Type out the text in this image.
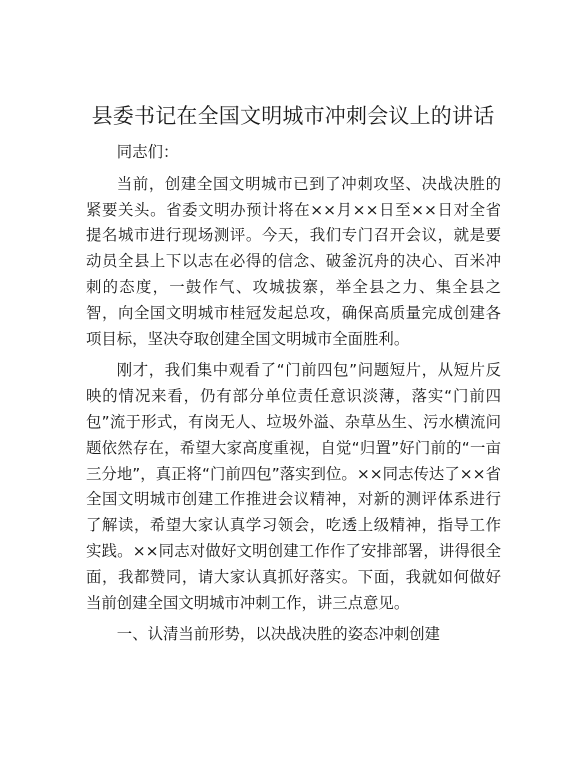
县委书记在全国文明城市冲刺会议上的讲话

同志们：

当前，创建全国文明城市已到了冲刺攻坚、决战决胜的紧要关头。省委文明办预计将在××月××日至××日对全省提名城市进行现场测评。今天，我们专门召开会议，就是要动员全县上下以志在必得的信念、破釜沉舟的决心、百米冲刺的态度，一鼓作气、攻城拔寨，举全县之力、集全县之智，向全国文明城市桂冠发起总攻，确保高质量完成创建各项目标，坚决夺取创建全国文明城市全面胜利。

刚才，我们集中观看了“门前四包”问题短片，从短片反映的情况来看，仍有部分单位责任意识淡薄，落实“门前四包”流于形式，有岗无人、垃圾外溢、杂草丛生、污水横流问题依然存在，希望大家高度重视，自觉“归置”好门前的“一亩三分地”，真正将“门前四包”落实到位。××同志传达了××省全国文明城市创建工作推进会议精神，对新的测评体系进行了解读，希望大家认真学习领会，吃透上级精神，指导工作实践。××同志对做好文明创建工作作了安排部署，讲得很全面，我都赞同，请大家认真抓好落实。下面，我就如何做好当前创建全国文明城市冲刺工作，讲三点意见。

一、认清当前形势，以决战决胜的姿态冲刺创建
